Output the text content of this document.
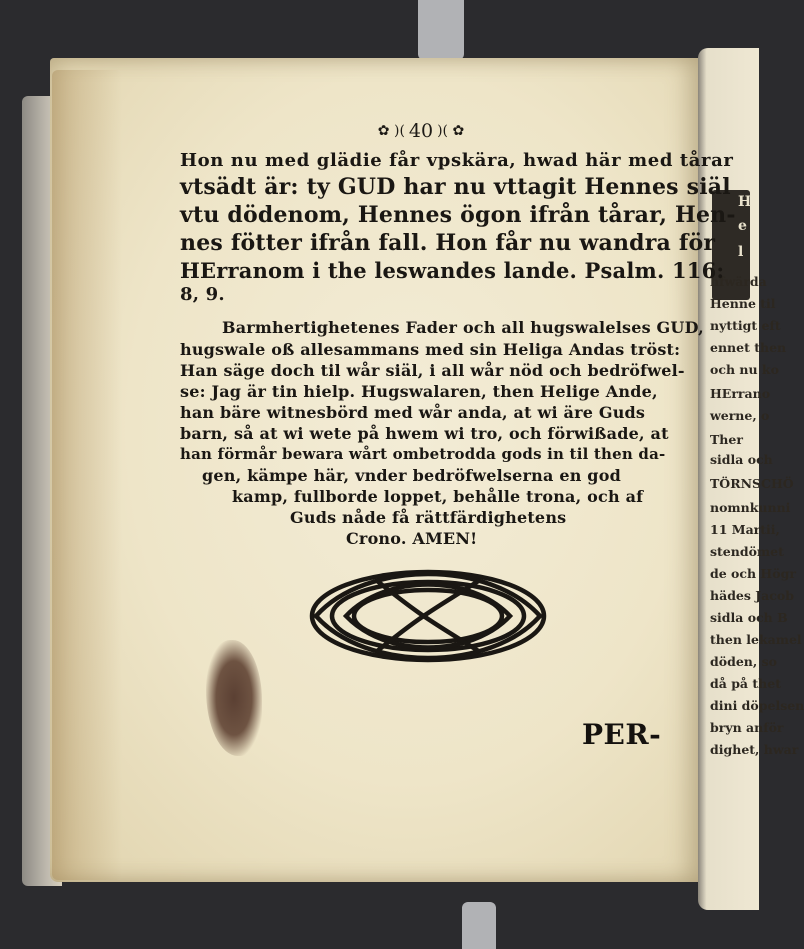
H
e
l
hfwärda
Henne til
nyttigt eft
ennet then
och nu ko
HErrano
werne, o
Ther
sidla och
TÖRNSCHÖ
nomnkunni
11 Martii,
stendömet
de och Högr
hädes Jacob
sidla och B
then lekamel
döden, so
då på thet
dini döpelsen
bryn anför
dighet, hwar
✿ )( 40 )( ✿
Hon nu med glädie får vpskära, hwad här med tårar
vtsädt är: ty GUD har nu vttagit Hennes siäl
vtu dödenom, Hennes ögon ifrån tårar, Hen-
nes fötter ifrån fall. Hon får nu wandra för
HErranom i the leswandes lande. Psalm. 116:
8, 9.
Barmhertighetenes Fader och all hugswalelses GUD,
hugswale oß allesammans med sin Heliga Andas tröst:
Han säge doch til wår siäl, i all wår nöd och bedröfwel-
se: Jag är tin hielp. Hugswalaren, then Helige Ande,
han bäre witnesbörd med wår anda, at wi äre Guds
barn, så at wi wete på hwem wi tro, och förwißade, at
han förmår bewara wårt ombetrodda gods in til then da-
gen, kämpe här, vnder bedröfwelserna en god
kamp, fullborde loppet, behålle trona, och af
Guds nåde få rättfärdighetens
Crono. AMEN!
PER-
